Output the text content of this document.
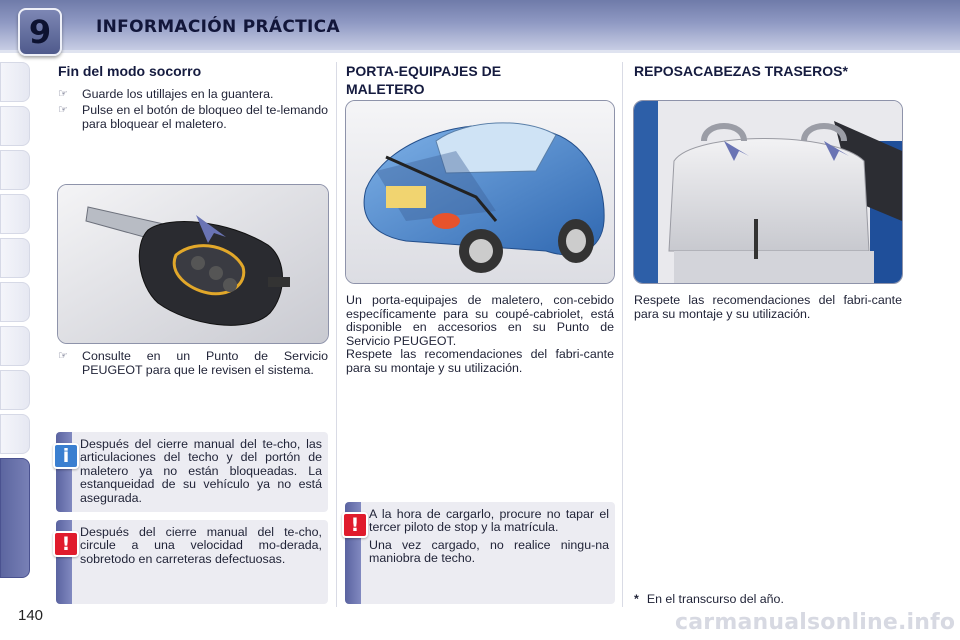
9	INFORMACIÓN PRÁCTICA
Fin del modo socorro
☞ Guarde los utillajes en la guantera.
☞ Pulse en el botón de bloqueo del te-lemando para bloquear el maletero.
☞ Consulte en un Punto de Servicio PEUGEOT para que le revisen el sistema.
Después del cierre manual del te-cho, las articulaciones del techo y del portón de maletero ya no están bloqueadas. La estanqueidad de su vehículo ya no está asegurada.
i
Después del cierre manual del te-cho, circule a una velocidad mo-derada, sobretodo en carreteras defectuosas.
!
PORTA-EQUIPAJES DE MALETERO
Un porta-equipajes de maletero, con-cebido específicamente para su coupé-cabriolet, está disponible en accesorios en su Punto de Servicio PEUGEOT.
Respete las recomendaciones del fabri-cante para su montaje y su utilización.

A la hora de cargarlo, procure no tapar el tercer piloto de stop y la matrícula.

Una vez cargado, no realice ningu-na maniobra de techo.

!
REPOSACABEZAS TRASEROS*
Respete las recomendaciones del fabri-cante para su montaje y su utilización.
* En el transcurso del año.
140	carmanualsonline.info
